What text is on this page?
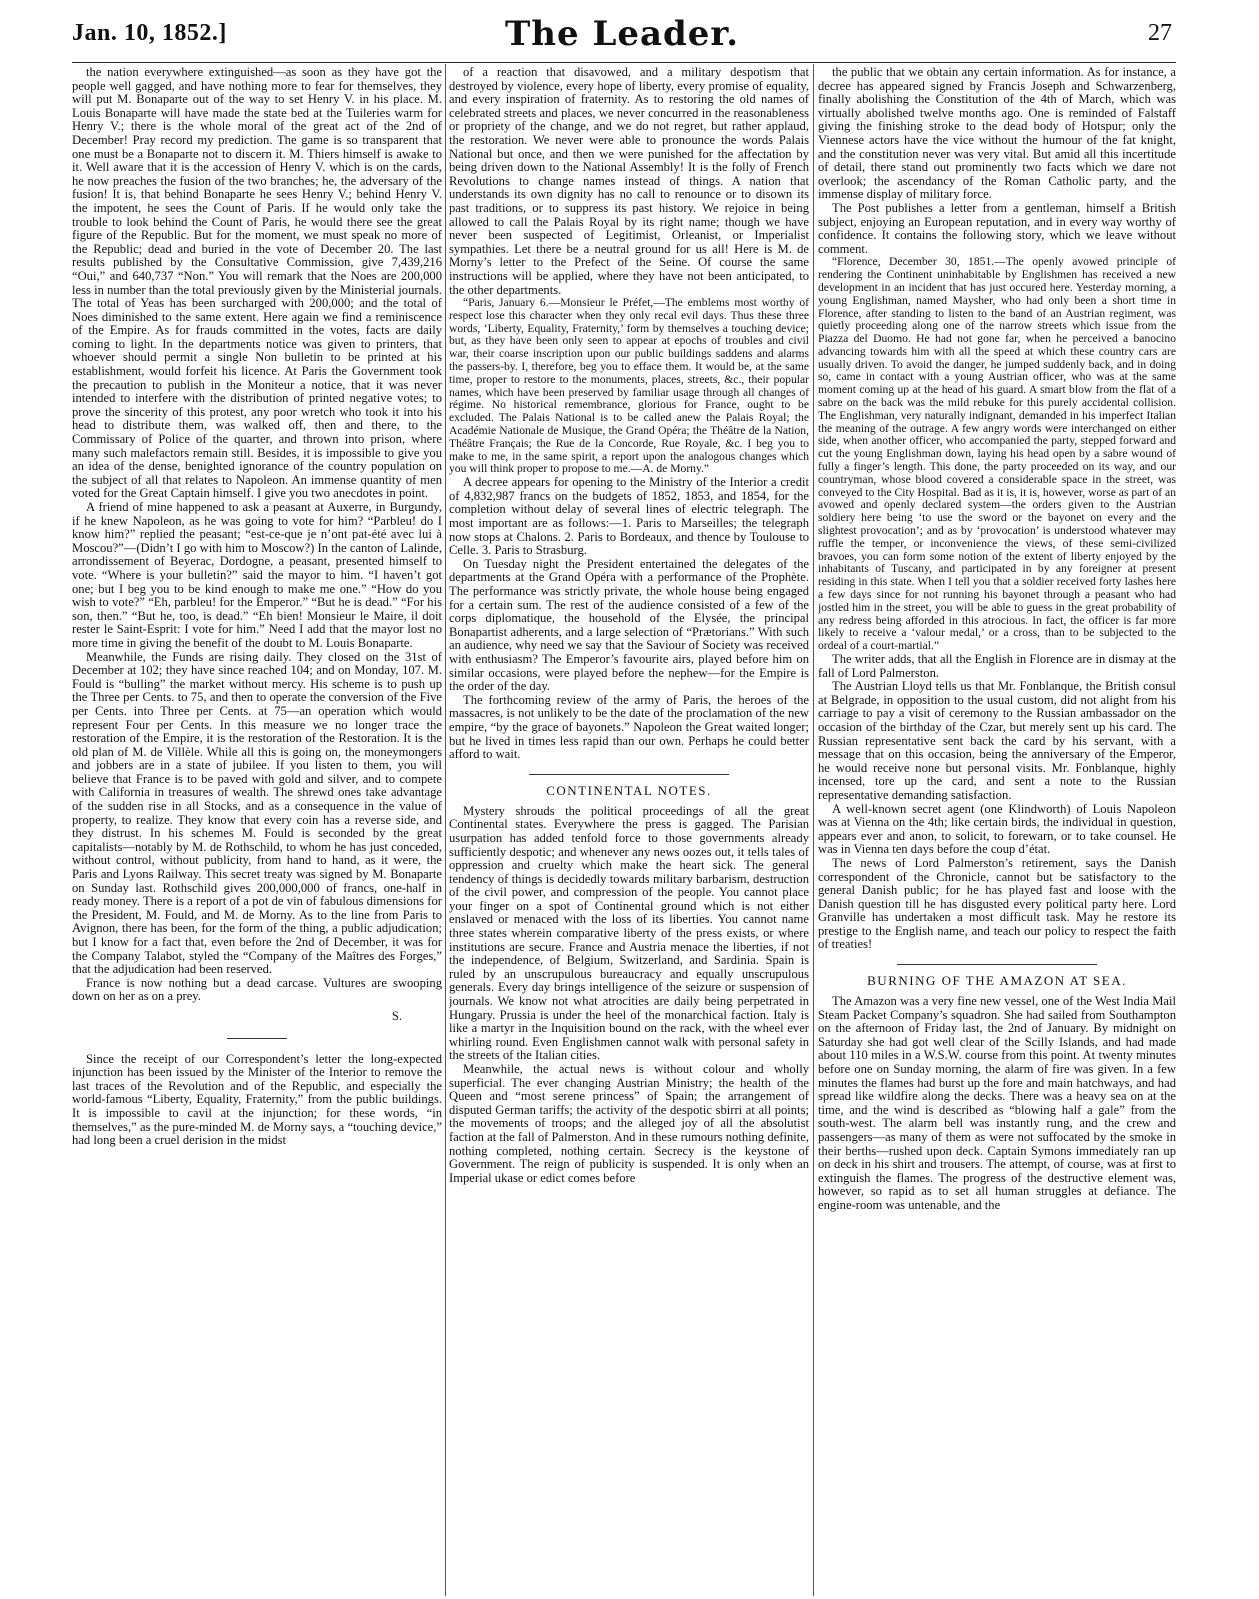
Jan. 10, 1852.]	The Leader.	27

the nation everywhere extinguished—as soon as they have got the people well gagged, and have nothing more to fear for themselves, they will put M. Bonaparte out of the way to set Henry V. in his place. M. Louis Bonaparte will have made the state bed at the Tuileries warm for Henry V.; there is the whole moral of the great act of the 2nd of December! Pray record my prediction. The game is so transparent that one must be a Bonaparte not to discern it. M. Thiers himself is awake to it. Well aware that it is the accession of Henry V. which is on the cards, he now preaches the fusion of the two branches; he, the adversary of the fusion! It is, that behind Bonaparte he sees Henry V.; behind Henry V. the impotent, he sees the Count of Paris. If he would only take the trouble to look behind the Count of Paris, he would there see the great figure of the Republic. But for the moment, we must speak no more of the Republic; dead and buried in the vote of December 20. The last results published by the Consultative Commission, give 7,439,216 “Oui,” and 640,737 “Non.” You will remark that the Noes are 200,000 less in number than the total previously given by the Ministerial journals. The total of Yeas has been surcharged with 200,000; and the total of Noes diminished to the same extent. Here again we find a reminiscence of the Empire. As for frauds committed in the votes, facts are daily coming to light. In the departments notice was given to printers, that whoever should permit a single Non bulletin to be printed at his establishment, would forfeit his licence. At Paris the Government took the precaution to publish in the Moniteur a notice, that it was never intended to interfere with the distribution of printed negative votes; to prove the sincerity of this protest, any poor wretch who took it into his head to distribute them, was walked off, then and there, to the Commissary of Police of the quarter, and thrown into prison, where many such malefactors remain still. Besides, it is impossible to give you an idea of the dense, benighted ignorance of the country population on the subject of all that relates to Napoleon. An immense quantity of men voted for the Great Captain himself. I give you two anecdotes in point.

A friend of mine happened to ask a peasant at Auxerre, in Burgundy, if he knew Napoleon, as he was going to vote for him? “Parbleu! do I know him?” replied the peasant; “est-ce-que je n’ont pat-été avec lui à Moscou?”—(Didn’t I go with him to Moscow?) In the canton of Lalinde, arrondissement of Beyerac, Dordogne, a peasant, presented himself to vote. “Where is your bulletin?” said the mayor to him. “I haven’t got one; but I beg you to be kind enough to make me one.” “How do you wish to vote?” “Eh, parbleu! for the Emperor.” “But he is dead.” “For his son, then.” “But he, too, is dead.” “Eh bien! Monsieur le Maire, il doit rester le Saint-Esprit: I vote for him.” Need I add that the mayor lost no more time in giving the benefit of the doubt to M. Louis Bonaparte.

Meanwhile, the Funds are rising daily. They closed on the 31st of December at 102; they have since reached 104; and on Monday, 107. M. Fould is “bulling” the market without mercy. His scheme is to push up the Three per Cents. to 75, and then to operate the conversion of the Five per Cents. into Three per Cents. at 75—an operation which would represent Four per Cents. In this measure we no longer trace the restoration of the Empire, it is the restoration of the Restoration. It is the old plan of M. de Villèle. While all this is going on, the moneymongers and jobbers are in a state of jubilee. If you listen to them, you will believe that France is to be paved with gold and silver, and to compete with California in treasures of wealth. The shrewd ones take advantage of the sudden rise in all Stocks, and as a consequence in the value of property, to realize. They know that every coin has a reverse side, and they distrust. In his schemes M. Fould is seconded by the great capitalists—notably by M. de Rothschild, to whom he has just conceded, without control, without publicity, from hand to hand, as it were, the Paris and Lyons Railway. This secret treaty was signed by M. Bonaparte on Sunday last. Rothschild gives 200,000,000 of francs, one-half in ready money. There is a report of a pot de vin of fabulous dimensions for the President, M. Fould, and M. de Morny. As to the line from Paris to Avignon, there has been, for the form of the thing, a public adjudication; but I know for a fact that, even before the 2nd of December, it was for the Company Talabot, styled the “Company of the Maîtres des Forges,” that the adjudication had been reserved.

France is now nothing but a dead carcase. Vultures are swooping down on her as on a prey.

S.

Since the receipt of our Correspondent’s letter the long-expected injunction has been issued by the Minister of the Interior to remove the last traces of the Revolution and of the Republic, and especially the world-famous “Liberty, Equality, Fraternity,” from the public buildings. It is impossible to cavil at the injunction; for these words, “in themselves,” as the pure-minded M. de Morny says, a “touching device,” had long been a cruel derision in the midst

of a reaction that disavowed, and a military despotism that destroyed by violence, every hope of liberty, every promise of equality, and every inspiration of fraternity. As to restoring the old names of celebrated streets and places, we never concurred in the reasonableness or propriety of the change, and we do not regret, but rather applaud, the restoration. We never were able to pronounce the words Palais National but once, and then we were punished for the affectation by being driven down to the National Assembly! It is the folly of French Revolutions to change names instead of things. A nation that understands its own dignity has no call to renounce or to disown its past traditions, or to suppress its past history. We rejoice in being allowed to call the Palais Royal by its right name; though we have never been suspected of Legitimist, Orleanist, or Imperialist sympathies. Let there be a neutral ground for us all! Here is M. de Morny’s letter to the Prefect of the Seine. Of course the same instructions will be applied, where they have not been anticipated, to the other departments.

“Paris, January 6.—Monsieur le Préfet,—The emblems most worthy of respect lose this character when they only recal evil days. Thus these three words, ‘Liberty, Equality, Fraternity,’ form by themselves a touching device; but, as they have been only seen to appear at epochs of troubles and civil war, their coarse inscription upon our public buildings saddens and alarms the passers-by. I, therefore, beg you to efface them. It would be, at the same time, proper to restore to the monuments, places, streets, &c., their popular names, which have been preserved by familiar usage through all changes of régime. No historical remembrance, glorious for France, ought to be excluded. The Palais National is to be called anew the Palais Royal; the Académie Nationale de Musique, the Grand Opéra; the Théâtre de la Nation, Théâtre Français; the Rue de la Concorde, Rue Royale, &c. I beg you to make to me, in the same spirit, a report upon the analogous changes which you will think proper to propose to me.—A. de Morny.”

A decree appears for opening to the Ministry of the Interior a credit of 4,832,987 francs on the budgets of 1852, 1853, and 1854, for the completion without delay of several lines of electric telegraph. The most important are as follows:—1. Paris to Marseilles; the telegraph now stops at Chalons. 2. Paris to Bordeaux, and thence by Toulouse to Celle. 3. Paris to Strasburg.

On Tuesday night the President entertained the delegates of the departments at the Grand Opéra with a performance of the Prophète. The performance was strictly private, the whole house being engaged for a certain sum. The rest of the audience consisted of a few of the corps diplomatique, the household of the Elysée, the principal Bonapartist adherents, and a large selection of “Prætorians.” With such an audience, why need we say that the Saviour of Society was received with enthusiasm? The Emperor’s favourite airs, played before him on similar occasions, were played before the nephew—for the Empire is the order of the day.

The forthcoming review of the army of Paris, the heroes of the massacres, is not unlikely to be the date of the proclamation of the new empire, “by the grace of bayonets.” Napoleon the Great waited longer; but he lived in times less rapid than our own. Perhaps he could better afford to wait.

CONTINENTAL NOTES.

Mystery shrouds the political proceedings of all the great Continental states. Everywhere the press is gagged. The Parisian usurpation has added tenfold force to those governments already sufficiently despotic; and whenever any news oozes out, it tells tales of oppression and cruelty which make the heart sick. The general tendency of things is decidedly towards military barbarism, destruction of the civil power, and compression of the people. You cannot place your finger on a spot of Continental ground which is not either enslaved or menaced with the loss of its liberties. You cannot name three states wherein comparative liberty of the press exists, or where institutions are secure. France and Austria menace the liberties, if not the independence, of Belgium, Switzerland, and Sardinia. Spain is ruled by an unscrupulous bureaucracy and equally unscrupulous generals. Every day brings intelligence of the seizure or suspension of journals. We know not what atrocities are daily being perpetrated in Hungary. Prussia is under the heel of the monarchical faction. Italy is like a martyr in the Inquisition bound on the rack, with the wheel ever whirling round. Even Englishmen cannot walk with personal safety in the streets of the Italian cities.

Meanwhile, the actual news is without colour and wholly superficial. The ever changing Austrian Ministry; the health of the Queen and “most serene princess” of Spain; the arrangement of disputed German tariffs; the activity of the despotic sbirri at all points; the movements of troops; and the alleged joy of all the absolutist faction at the fall of Palmerston. And in these rumours nothing definite, nothing completed, nothing certain. Secrecy is the keystone of Government. The reign of publicity is suspended. It is only when an Imperial ukase or edict comes before

the public that we obtain any certain information. As for instance, a decree has appeared signed by Francis Joseph and Schwarzenberg, finally abolishing the Constitution of the 4th of March, which was virtually abolished twelve months ago. One is reminded of Falstaff giving the finishing stroke to the dead body of Hotspur; only the Viennese actors have the vice without the humour of the fat knight, and the constitution never was very vital. But amid all this incertitude of detail, there stand out prominently two facts which we dare not overlook; the ascendancy of the Roman Catholic party, and the immense display of military force.

The Post publishes a letter from a gentleman, himself a British subject, enjoying an European reputation, and in every way worthy of confidence. It contains the following story, which we leave without comment.

“Florence, December 30, 1851.—The openly avowed principle of rendering the Continent uninhabitable by Englishmen has received a new development in an incident that has just occured here. Yesterday morning, a young Englishman, named Maysher, who had only been a short time in Florence, after standing to listen to the band of an Austrian regiment, was quietly proceeding along one of the narrow streets which issue from the Piazza del Duomo. He had not gone far, when he perceived a banocino advancing towards him with all the speed at which these country cars are usually driven. To avoid the danger, he jumped suddenly back, and in doing so, came in contact with a young Austrian officer, who was at the same moment coming up at the head of his guard. A smart blow from the flat of a sabre on the back was the mild rebuke for this purely accidental collision. The Englishman, very naturally indignant, demanded in his imperfect Italian the meaning of the outrage. A few angry words were interchanged on either side, when another officer, who accompanied the party, stepped forward and cut the young Englishman down, laying his head open by a sabre wound of fully a finger’s length. This done, the party proceeded on its way, and our countryman, whose blood covered a considerable space in the street, was conveyed to the City Hospital. Bad as it is, it is, however, worse as part of an avowed and openly declared system—the orders given to the Austrian soldiery here being ‘to use the sword or the bayonet on every and the slightest provocation’; and as by ‘provocation’ is understood whatever may ruffle the temper, or inconvenience the views, of these semi-civilized bravoes, you can form some notion of the extent of liberty enjoyed by the inhabitants of Tuscany, and participated in by any foreigner at present residing in this state. When I tell you that a soldier received forty lashes here a few days since for not running his bayonet through a peasant who had jostled him in the street, you will be able to guess in the great probability of any redress being afforded in this atrocious. In fact, the officer is far more likely to receive a ‘valour medal,’ or a cross, than to be subjected to the ordeal of a court-martial.”

The writer adds, that all the English in Florence are in dismay at the fall of Lord Palmerston.

The Austrian Lloyd tells us that Mr. Fonblanque, the British consul at Belgrade, in opposition to the usual custom, did not alight from his carriage to pay a visit of ceremony to the Russian ambassador on the occasion of the birthday of the Czar, but merely sent up his card. The Russian representative sent back the card by his servant, with a message that on this occasion, being the anniversary of the Emperor, he would receive none but personal visits. Mr. Fonblanque, highly incensed, tore up the card, and sent a note to the Russian representative demanding satisfaction.

A well-known secret agent (one Klindworth) of Louis Napoleon was at Vienna on the 4th; like certain birds, the individual in question, appears ever and anon, to solicit, to forewarn, or to take counsel. He was in Vienna ten days before the coup d’état.

The news of Lord Palmerston’s retirement, says the Danish correspondent of the Chronicle, cannot but be satisfactory to the general Danish public; for he has played fast and loose with the Danish question till he has disgusted every political party here. Lord Granville has undertaken a most difficult task. May he restore its prestige to the English name, and teach our policy to respect the faith of treaties!

BURNING OF THE AMAZON AT SEA.

The Amazon was a very fine new vessel, one of the West India Mail Steam Packet Company’s squadron. She had sailed from Southampton on the afternoon of Friday last, the 2nd of January. By midnight on Saturday she had got well clear of the Scilly Islands, and had made about 110 miles in a W.S.W. course from this point. At twenty minutes before one on Sunday morning, the alarm of fire was given. In a few minutes the flames had burst up the fore and main hatchways, and had spread like wildfire along the decks. There was a heavy sea on at the time, and the wind is described as “blowing half a gale” from the south-west. The alarm bell was instantly rung, and the crew and passengers—as many of them as were not suffocated by the smoke in their berths—rushed upon deck. Captain Symons immediately ran up on deck in his shirt and trousers. The attempt, of course, was at first to extinguish the flames. The progress of the destructive element was, however, so rapid as to set all human struggles at defiance. The engine-room was untenable, and the
